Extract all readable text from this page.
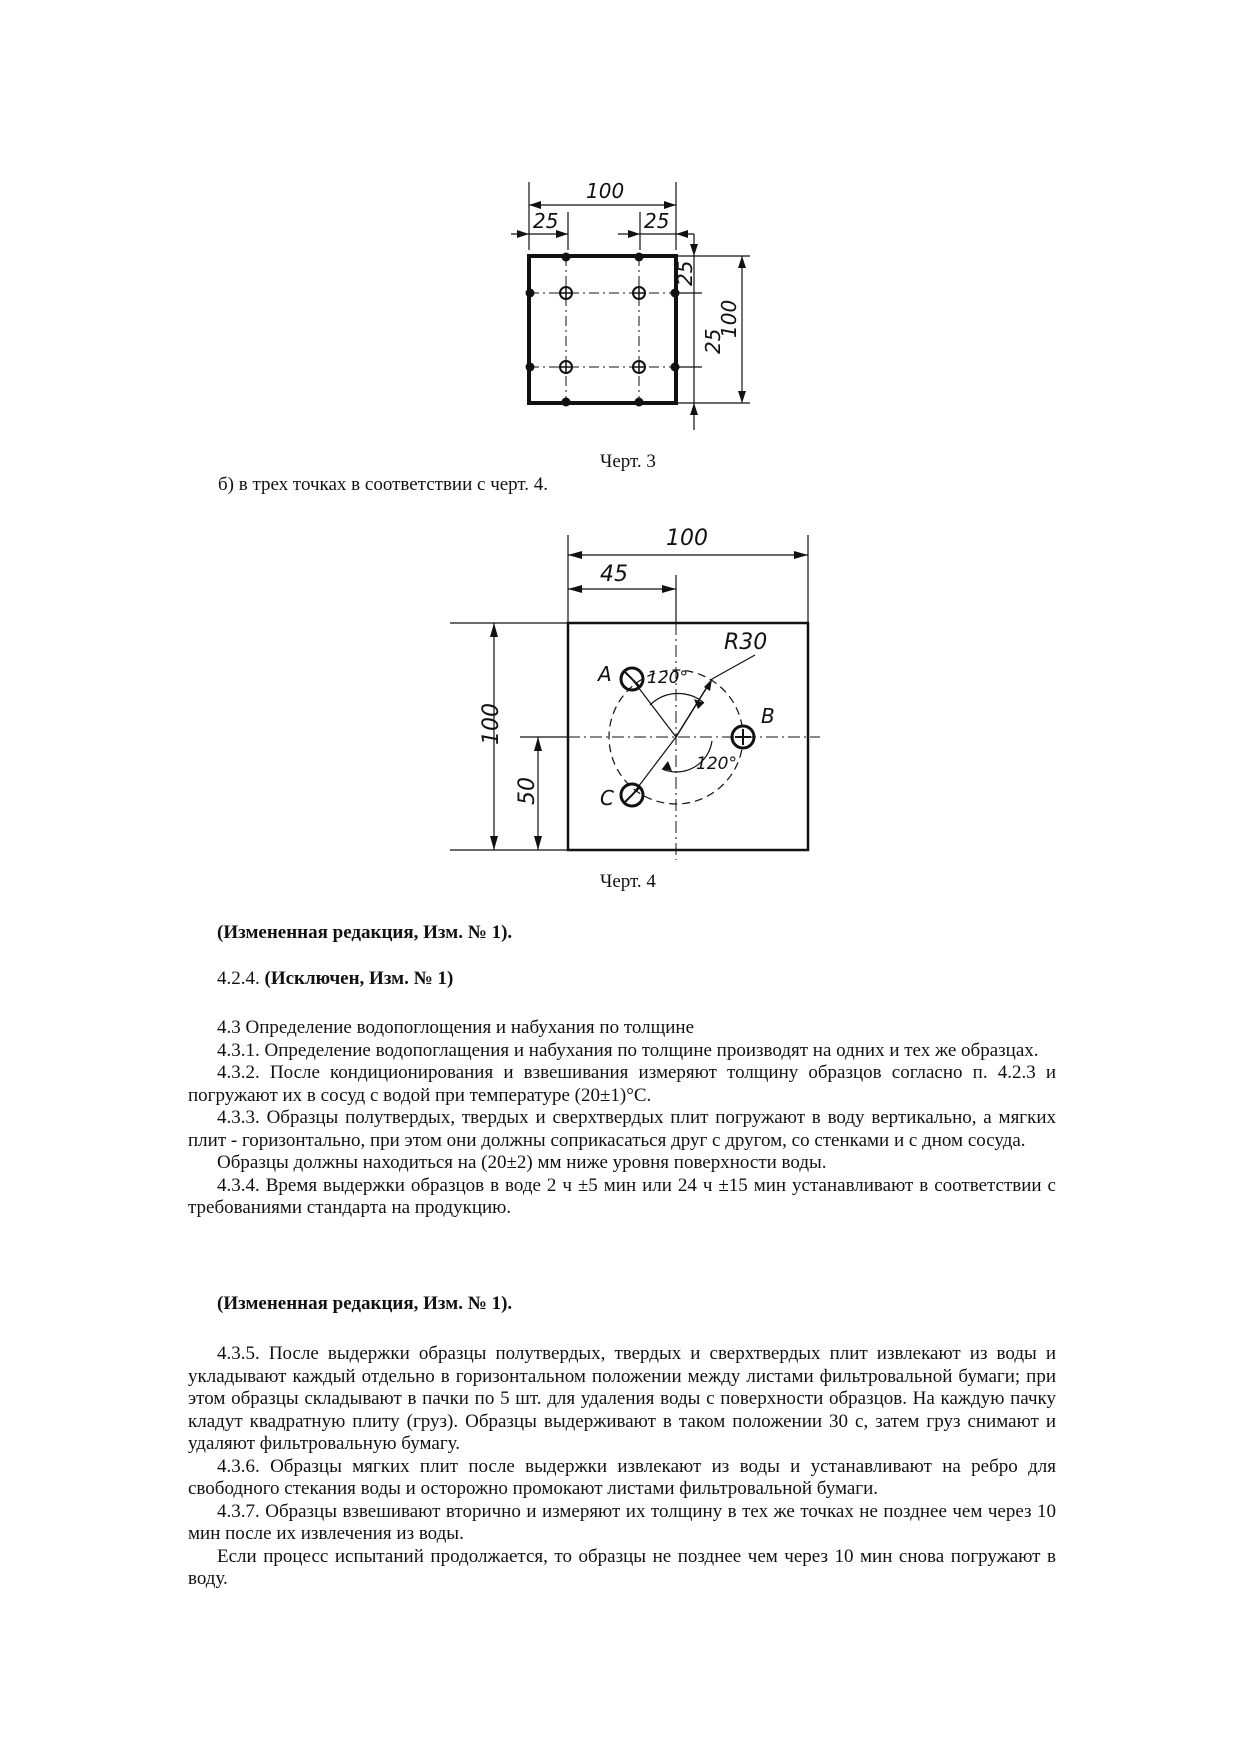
100
25	25
25
25
100
Черт. 3
б) в трех точках в соответствии с черт. 4.
100
45
R30
100
50
120°
120°
A
B
C
Черт. 4

(Измененная редакция, Изм. № 1).

4.2.4. (Исключен, Изм. № 1)

4.3 Определение водопоглощения и набухания по толщине

4.3.1. Определение водопоглащения и набухания по толщине производят на одних и тех же образцах.

4.3.2. После кондиционирования и взвешивания измеряют толщину образцов согласно п. 4.2.3 и погружают их в сосуд с водой при температуре (20±1)°С.

4.3.3. Образцы полутвердых, твердых и сверхтвердых плит погружают в воду вертикально, а мягких плит - горизонтально, при этом они должны соприкасаться друг с другом, со стенками и с дном сосуда.

Образцы должны находиться на (20±2) мм ниже уровня поверхности воды.

4.3.4. Время выдержки образцов в воде 2 ч ±5 мин или 24 ч ±15 мин устанавливают в соответствии с требованиями стандарта на продукцию.

(Измененная редакция, Изм. № 1).

4.3.5. После выдержки образцы полутвердых, твердых и сверхтвердых плит извлекают из воды и укладывают каждый отдельно в горизонтальном положении между листами фильтровальной бумаги; при этом образцы складывают в пачки по 5 шт. для удаления воды с поверхности образцов. На каждую пачку кладут квадратную плиту (груз). Образцы выдерживают в таком положении 30 с, затем груз снимают и удаляют фильтровальную бумагу.

4.3.6. Образцы мягких плит после выдержки извлекают из воды и устанавливают на ребро для свободного стекания воды и осторожно промокают листами фильтровальной бумаги.

4.3.7. Образцы взвешивают вторично и измеряют их толщину в тех же точках не позднее чем через 10 мин после их извлечения из воды.

Если процесс испытаний продолжается, то образцы не позднее чем через 10 мин снова погружают в воду.
